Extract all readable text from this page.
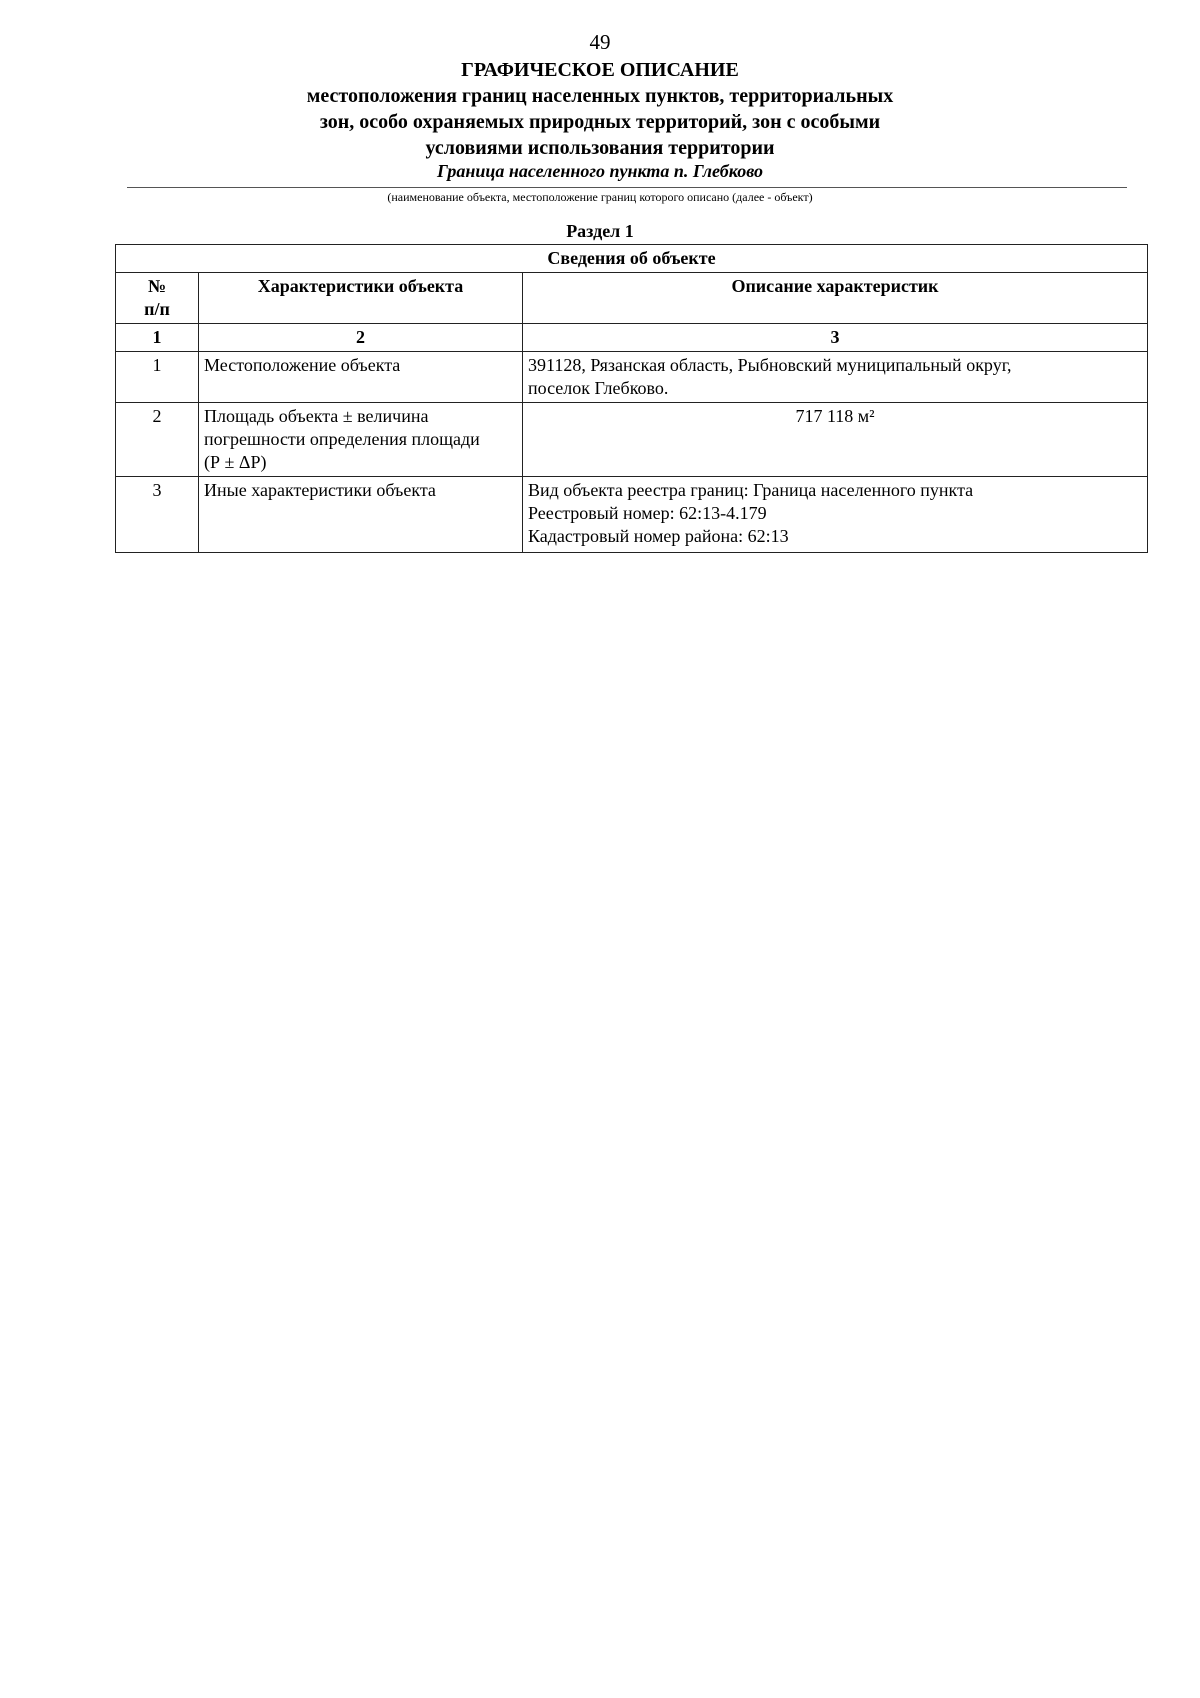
49
ГРАФИЧЕСКОЕ ОПИСАНИЕ
местоположения границ населенных пунктов, территориальных
зон, особо охраняемых природных территорий, зон с особыми
условиями использования территории
Граница населенного пункта п. Глебково
(наименование объекта, местоположение границ которого описано (далее - объект)
Раздел 1
Сведения об объекте		

№
п/п	Характеристики объекта	Описание характеристик
1	2	3
1	Местоположение объекта	391128, Рязанская область, Рыбновский муниципальный округ,
поселок Глебково.

2	Площадь объекта ± величина
погрешности определения площади
(Р ± ΔР)	717 118 м²
3	Иные характеристики объекта	Вид объекта реестра границ: Граница населенного пункта
Реестровый номер: 62:13-4.179
Кадастровый номер района: 62:13
